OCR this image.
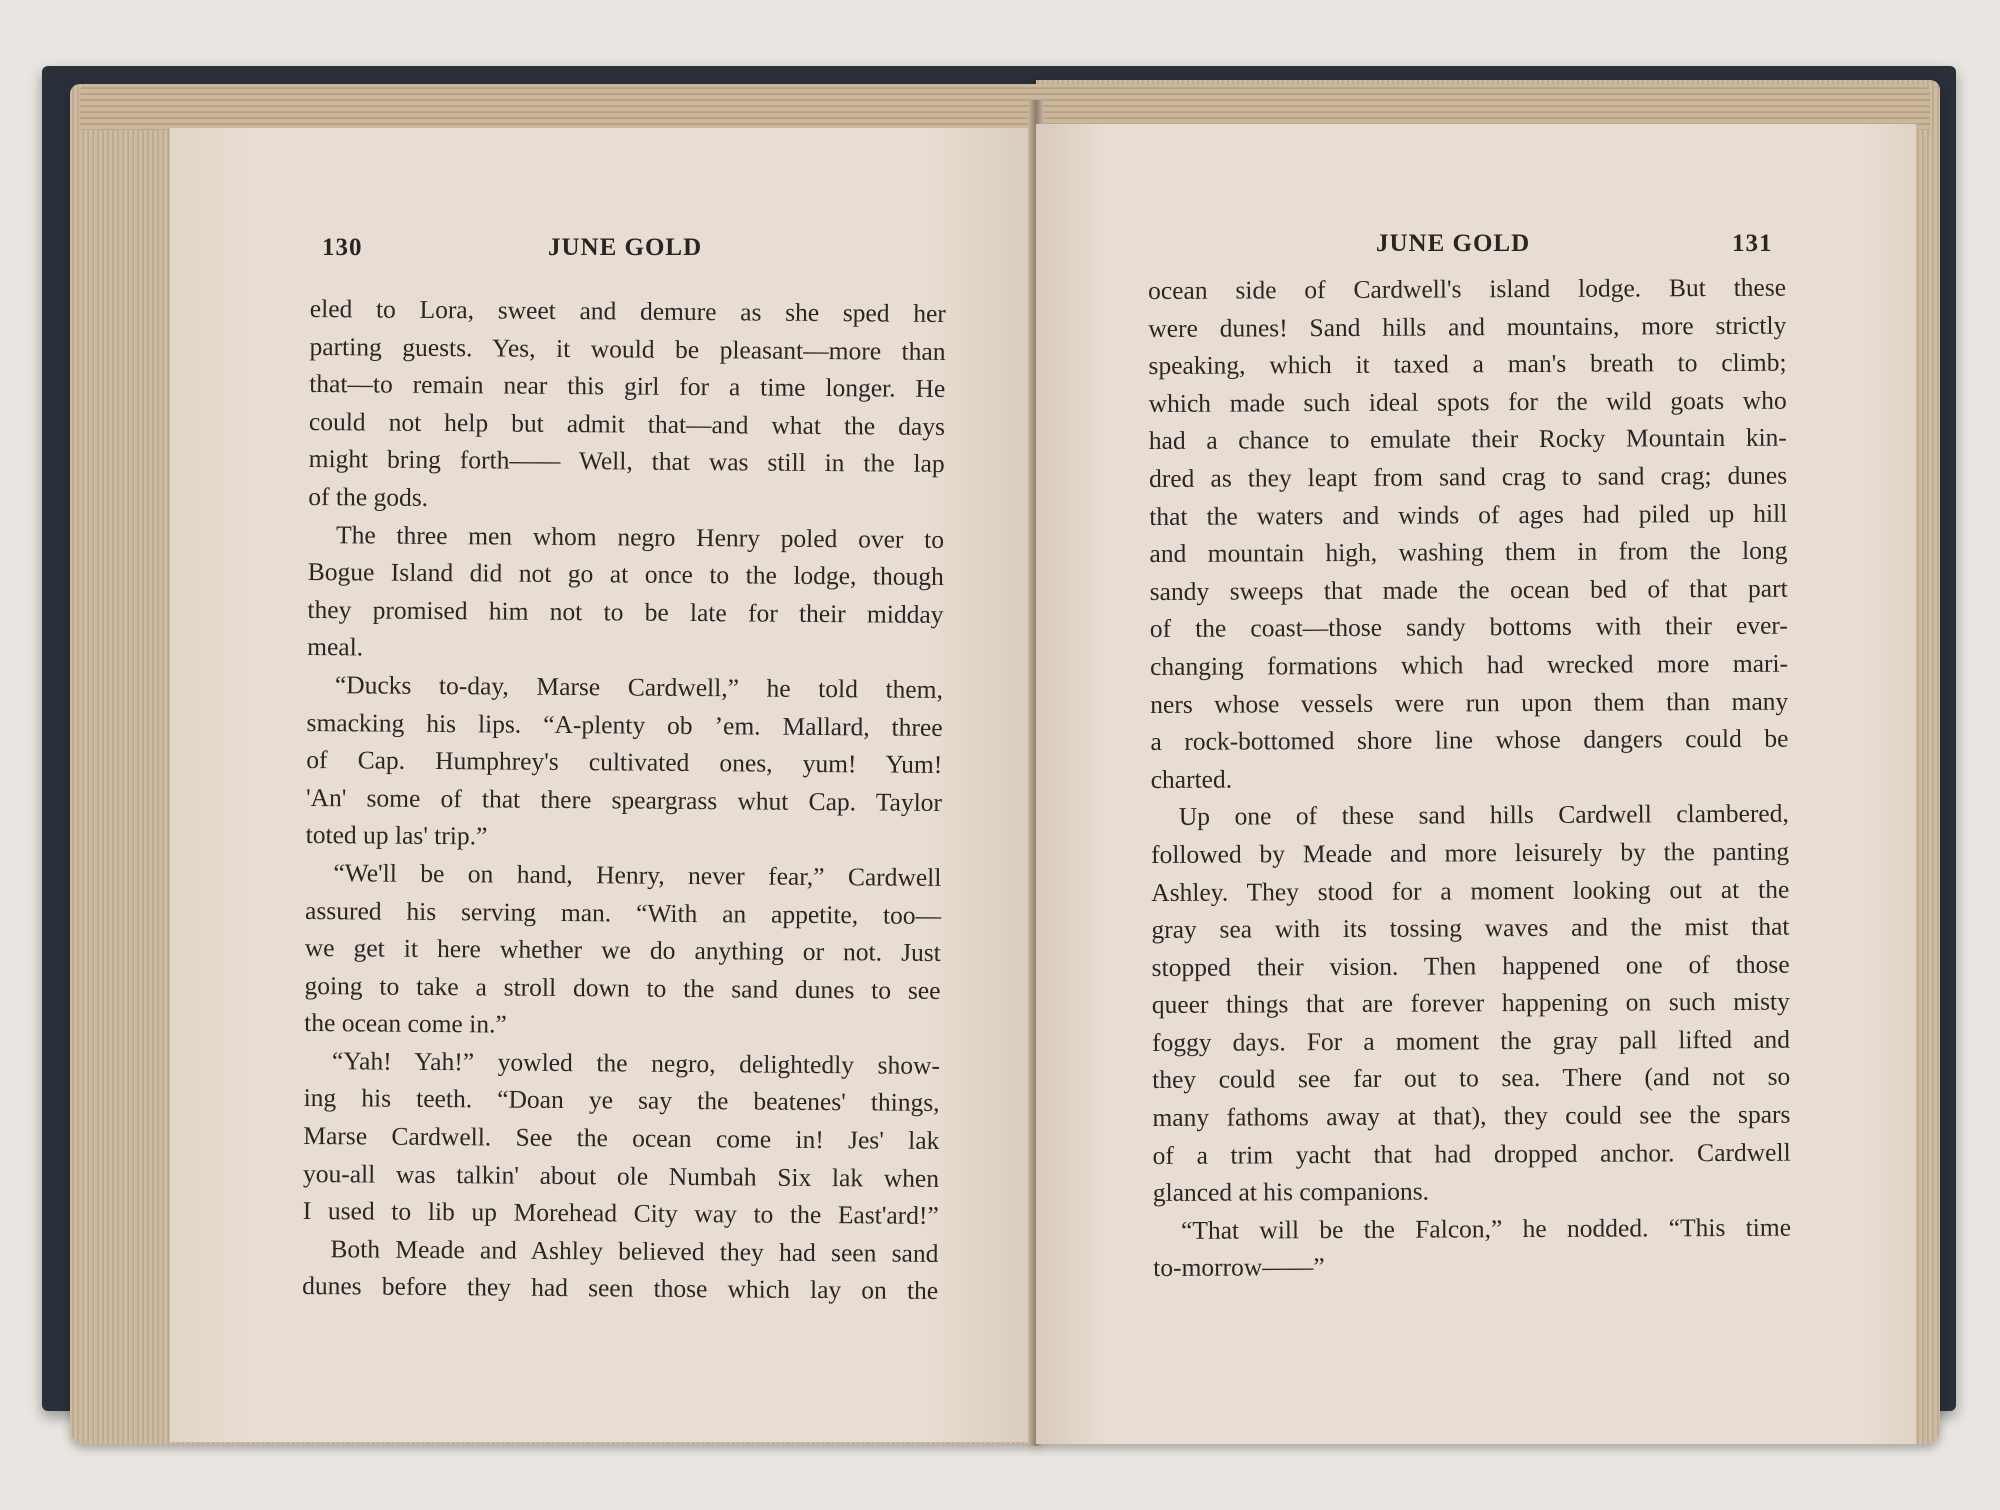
130	JUNE GOLD
eled to Lora, sweet and demure as she sped her
parting guests. Yes, it would be pleasant—more than
that—to remain near this girl for a time longer. He
could not help but admit that—and what the days
might bring forth—— Well, that was still in the lap
of the gods.
The three men whom negro Henry poled over to
Bogue Island did not go at once to the lodge, though
they promised him not to be late for their midday
meal.
“Ducks to-day, Marse Cardwell,” he told them,
smacking his lips. “A-plenty ob ’em. Mallard, three
of Cap. Humphrey's cultivated ones, yum! Yum!
'An' some of that there speargrass whut Cap. Taylor
toted up las' trip.”
“We'll be on hand, Henry, never fear,” Cardwell
assured his serving man. “With an appetite, too—
we get it here whether we do anything or not. Just
going to take a stroll down to the sand dunes to see
the ocean come in.”
“Yah! Yah!” yowled the negro, delightedly show-
ing his teeth. “Doan ye say the beatenes' things,
Marse Cardwell. See the ocean come in! Jes' lak
you-all was talkin' about ole Numbah Six lak when
I used to lib up Morehead City way to the East'ard!”
Both Meade and Ashley believed they had seen sand
dunes before they had seen those which lay on the
JUNE GOLD	131
ocean side of Cardwell's island lodge. But these
were dunes! Sand hills and mountains, more strictly
speaking, which it taxed a man's breath to climb;
which made such ideal spots for the wild goats who
had a chance to emulate their Rocky Mountain kin-
dred as they leapt from sand crag to sand crag; dunes
that the waters and winds of ages had piled up hill
and mountain high, washing them in from the long
sandy sweeps that made the ocean bed of that part
of the coast—those sandy bottoms with their ever-
changing formations which had wrecked more mari-
ners whose vessels were run upon them than many
a rock-bottomed shore line whose dangers could be
charted.
Up one of these sand hills Cardwell clambered,
followed by Meade and more leisurely by the panting
Ashley. They stood for a moment looking out at the
gray sea with its tossing waves and the mist that
stopped their vision. Then happened one of those
queer things that are forever happening on such misty
foggy days. For a moment the gray pall lifted and
they could see far out to sea. There (and not so
many fathoms away at that), they could see the spars
of a trim yacht that had dropped anchor. Cardwell
glanced at his companions.
“That will be the Falcon,” he nodded. “This time
to-morrow——”
